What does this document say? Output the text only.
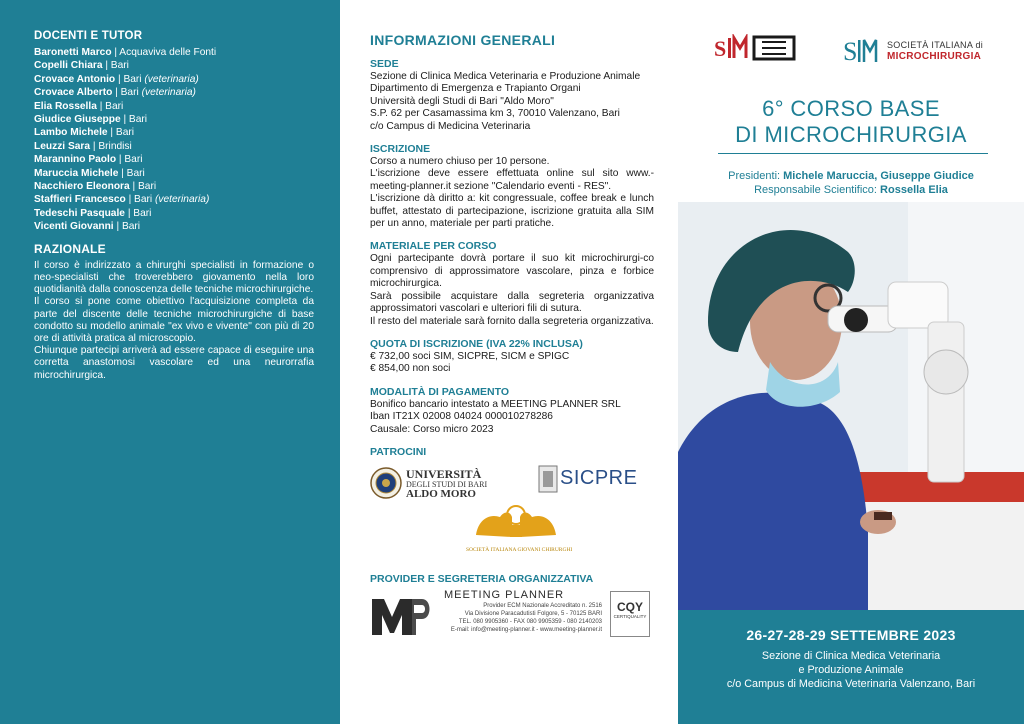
DOCENTI E TUTOR
Baronetti Marco | Acquaviva delle Fonti
Copelli Chiara | Bari
Crovace Antonio | Bari (veterinaria)
Crovace Alberto | Bari (veterinaria)
Elia Rossella | Bari
Giudice Giuseppe | Bari
Lambo Michele | Bari
Leuzzi Sara | Brindisi
Marannino Paolo | Bari
Maruccia Michele | Bari
Nacchiero Eleonora | Bari
Staffieri Francesco | Bari (veterinaria)
Tedeschi Pasquale | Bari
Vicenti Giovanni | Bari
RAZIONALE
Il corso è indirizzato a chirurghi specialisti in formazione o neo-specialisti che troverebbero giovamento nella loro quotidianità dalla conoscenza delle tecniche microchirurgiche.
Il corso si pone come obiettivo l'acquisizione completa da parte del discente delle tecniche microchirurgiche di base condotto su modello animale "ex vivo e vivente" con più di 20 ore di attività pratica al microscopio.
Chiunque partecipi arriverà ad essere capace di eseguire una corretta anastomosi vascolare ed una neurorrafia microchirurgica.
INFORMAZIONI GENERALI
SEDE
Sezione di Clinica Medica Veterinaria e Produzione Animale
Dipartimento di Emergenza e Trapianto Organi
Università degli Studi di Bari "Aldo Moro"
S.P. 62 per Casamassima km 3, 70010 Valenzano, Bari
c/o Campus di Medicina Veterinaria
ISCRIZIONE
Corso a numero chiuso per 10 persone.
L'iscrizione deve essere effettuata online sul sito www.-meeting-planner.it sezione "Calendario eventi - RES".
L'iscrizione dà diritto a: kit congressuale, coffee break e lunch buffet, attestato di partecipazione, iscrizione gratuita alla SIM per un anno, materiale per parti pratiche.
MATERIALE PER CORSO
Ogni partecipante dovrà portare il suo kit microchirurgi-co comprensivo di approssimatore vascolare, pinza e forbice microchirurgica.
Sarà possibile acquistare dalla segreteria organizzativa approssimatori vascolari e ulteriori fili di sutura.
Il resto del materiale sarà fornito dalla segreteria organizzativa.
QUOTA DI ISCRIZIONE (IVA 22% INCLUSA)
€ 732,00 soci SIM, SICPRE, SICM e SPIGC
€ 854,00 non soci
MODALITÀ DI PAGAMENTO
Bonifico bancario intestato a MEETING PLANNER SRL
Iban IT21X 02008 04024 000010278286
Causale: Corso micro 2023
PATROCINI
UNIVERSITÀ
DEGLI STUDI DI BARI
ALDO MORO
SICPRE
SOCIETÀ ITALIANA GIOVANI CHIRURGHI
PROVIDER E SEGRETERIA ORGANIZZATIVA
MEETING PLANNER
Provider ECM Nazionale Accreditato n. 2516
Via Divisione Paracadutisti Folgore, 5 - 70125 BARI
TEL. 080 9905360 - FAX 080 9905359 - 080 2140203
E-mail: info@meeting-planner.it - www.meeting-planner.it
CQY
CERTIQUALITY
S	S	SOCIETÀ ITALIANA di
MICROCHIRURGIA
6° CORSO BASE
DI MICROCHIRURGIA
Presidenti: Michele Maruccia, Giuseppe Giudice
Responsabile Scientifico: Rossella Elia
26-27-28-29 SETTEMBRE 2023
Sezione di Clinica Medica Veterinaria
e Produzione Animale
c/o Campus di Medicina Veterinaria Valenzano, Bari
